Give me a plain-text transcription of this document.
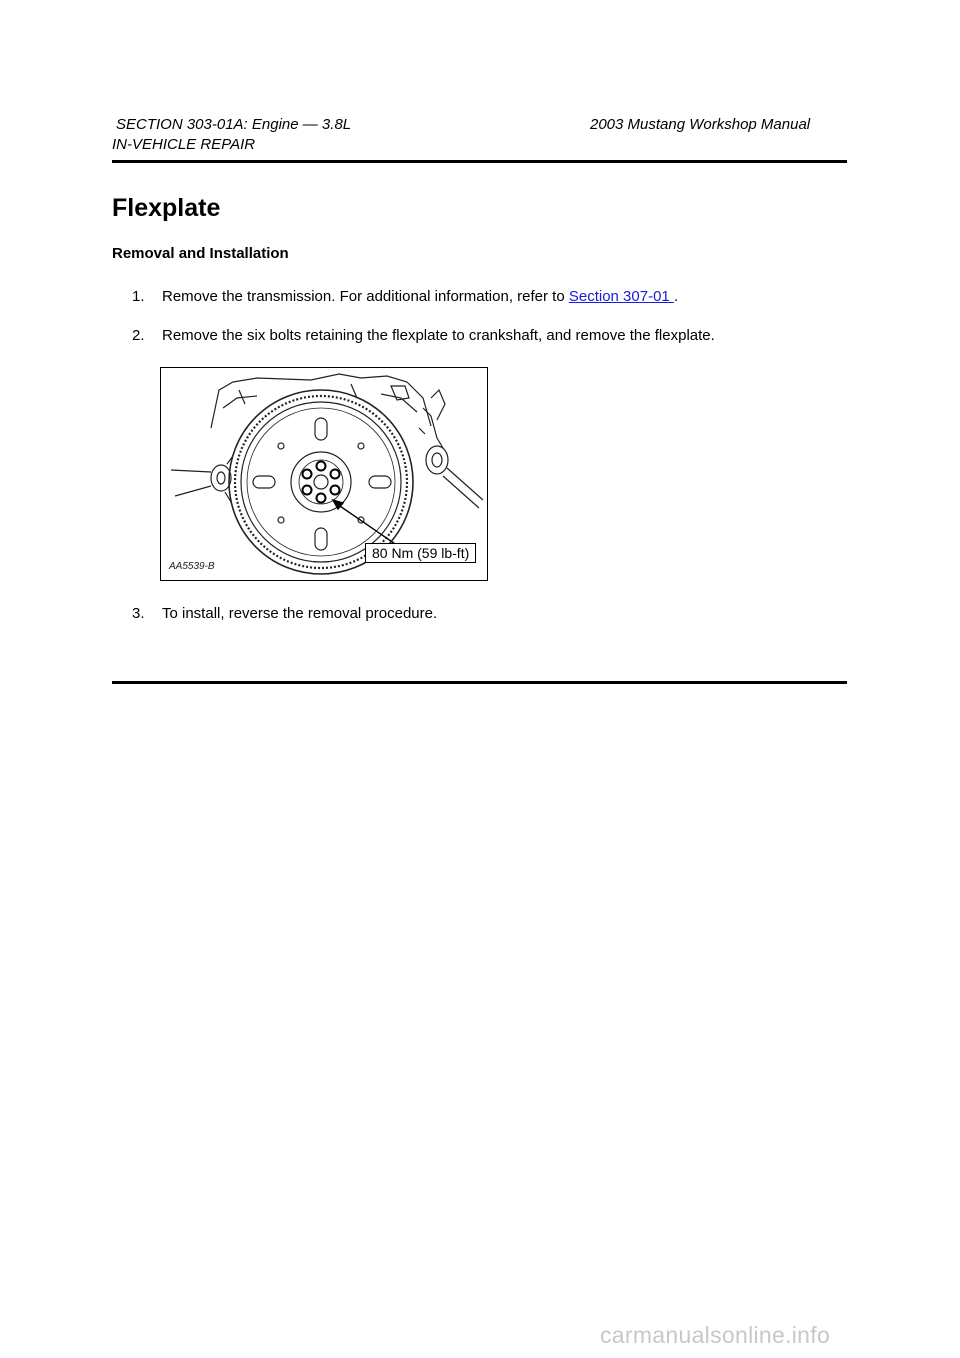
SECTION 303-01A: Engine — 3.8L	2003 Mustang Workshop Manual
IN-VEHICLE REPAIR
Flexplate
Removal and Installation
1. Remove the transmission. For additional information, refer to Section 307-01 .
2. Remove the six bolts retaining the flexplate to crankshaft, and remove the flexplate.
AA5539-B
80 Nm (59 lb-ft)
3. To install, reverse the removal procedure.
carmanualsonline.info
